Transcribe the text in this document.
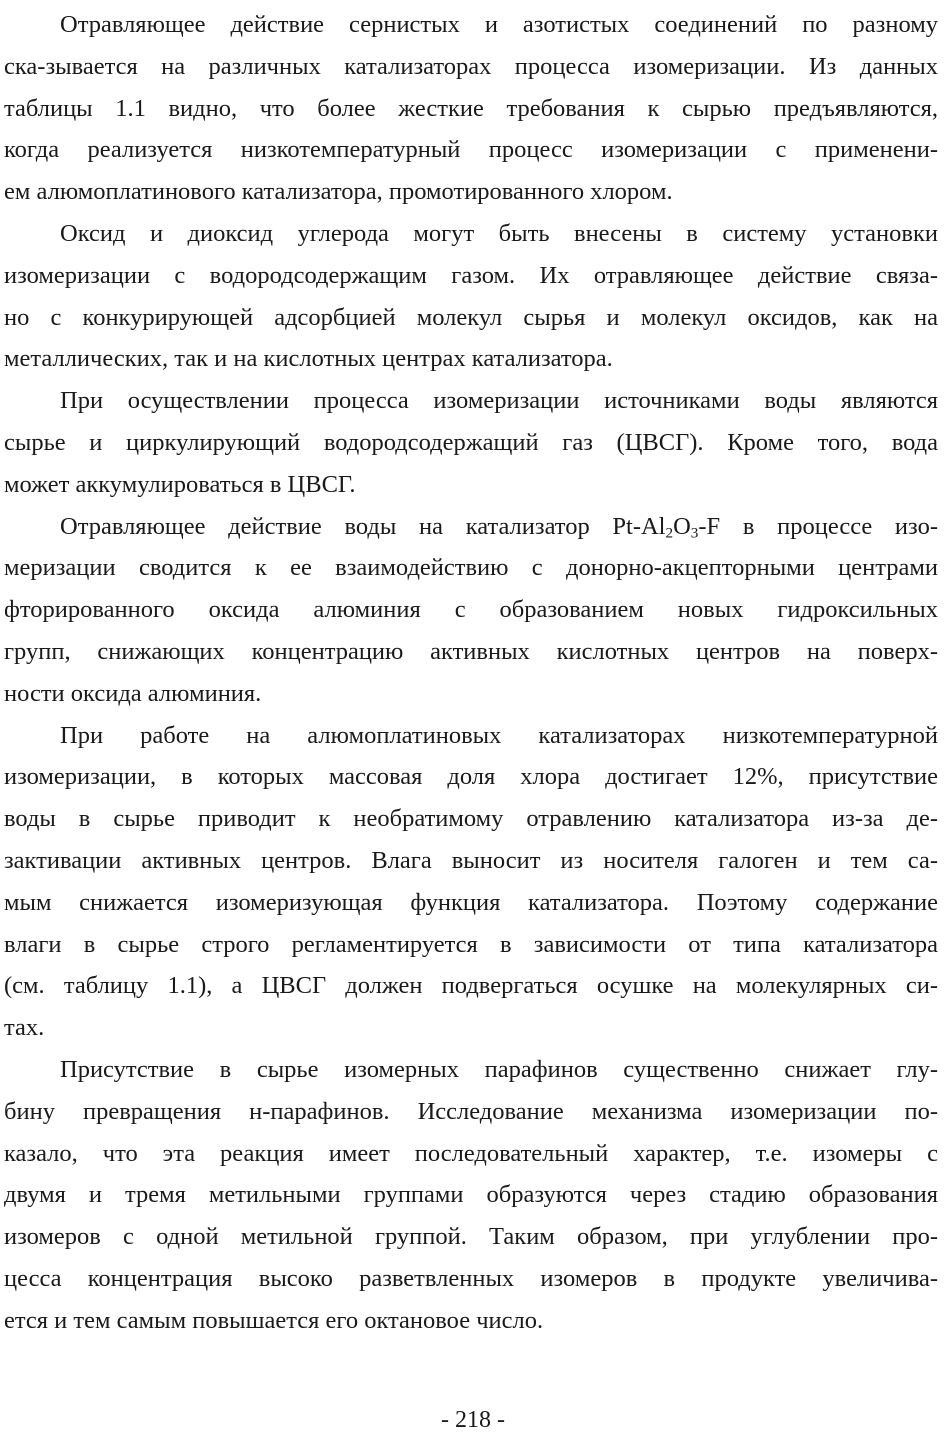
Отравляющее действие сернистых и азотистых соединений по разному
ска-зывается на различных катализаторах процесса изомеризации. Из данных
таблицы 1.1 видно, что более жесткие требования к сырью предъявляются,
когда реализуется низкотемпературный процесс изомеризации с применени-
ем алюмоплатинового катализатора, промотированного хлором.
Оксид и диоксид углерода могут быть внесены в систему установки
изомеризации с водородсодержащим газом. Их отравляющее действие связа-
но с конкурирующей адсорбцией молекул сырья и молекул оксидов, как на
металлических, так и на кислотных центрах катализатора.
При осуществлении процесса изомеризации источниками воды являются
сырье и циркулирующий водородсодержащий газ (ЦВСГ). Кроме того, вода
может аккумулироваться в ЦВСГ.
Отравляющее действие воды на катализатор $Pt-Al_2O_3-F$ в процессе изо-
меризации сводится к ее взаимодействию с донорно-акцепторными центрами
фторированного оксида алюминия с образованием новых гидроксильных
групп, снижающих концентрацию активных кислотных центров на поверх-
ности оксида алюминия.
При работе на алюмоплатиновых катализаторах низкотемпературной
изомеризации, в которых массовая доля хлора достигает 12%, присутствие
воды в сырье приводит к необратимому отравлению катализатора из-за де-
зактивации активных центров. Влага выносит из носителя галоген и тем са-
мым снижается изомеризующая функция катализатора. Поэтому содержание
влаги в сырье строго регламентируется в зависимости от типа катализатора
(см. таблицу 1.1), а ЦВСГ должен подвергаться осушке на молекулярных си-
тах.
Присутствие в сырье изомерных парафинов существенно снижает глу-
бину превращения н-парафинов. Исследование механизма изомеризации по-
казало, что эта реакция имеет последовательный характер, т.е. изомеры с
двумя и тремя метильными группами образуются через стадию образования
изомеров с одной метильной группой. Таким образом, при углублении про-
цесса концентрация высоко разветвленных изомеров в продукте увеличива-
ется и тем самым повышается его октановое число.
- 218 -
